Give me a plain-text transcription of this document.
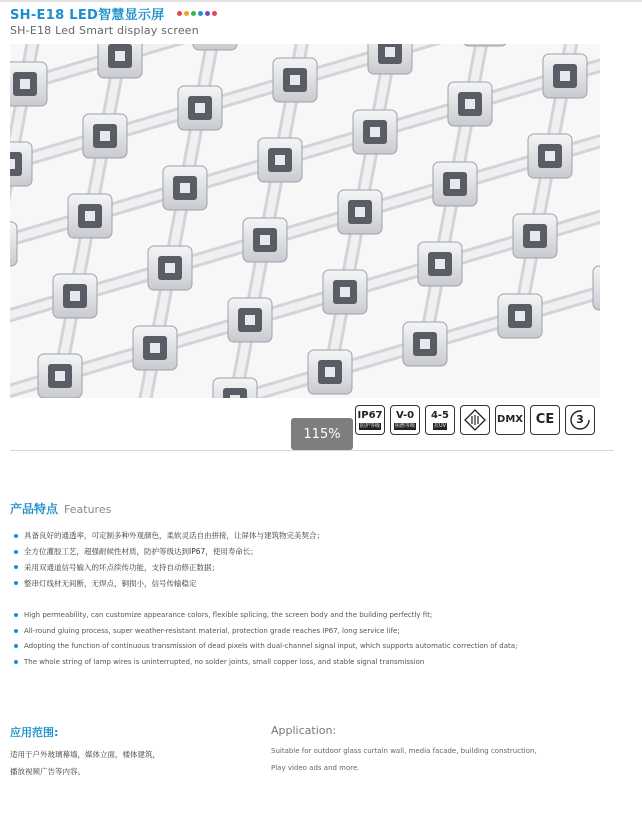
SH-E18 LED智慧显示屏
SH-E18 Led Smart display screen
115%
IP67
防护等级
V-0
阻燃等级
4-5
抗UV
DMX CE 3
产品特点 Features
具备良好的通透率，可定制多种外观颜色，柔软灵活自由拼接，让屏体与建筑物完美契合；
全方位灌胶工艺，超强耐候性材质，防护等级达到IP67，使用寿命长；
采用双通道信号输入的坏点续传功能，支持自动修正数据；
整串灯线材无间断，无焊点，铜损小，信号传输稳定
High permeability, can customize appearance colors, flexible splicing, the screen body and the building perfectly fit;
All-round gluing process, super weather-resistant material, protection grade reaches IP67, long service life;
Adopting the function of continuous transmission of dead pixels with dual-channel signal input, which supports automatic correction of data;
The whole string of lamp wires is uninterrupted, no solder joints, small copper loss, and stable signal transmission
应用范围:
适用于户外玻璃幕墙，媒体立面，楼体建筑，
播放视频广告等内容。
Application:
Suitable for outdoor glass curtain wall, media facade, building construction,
Play video ads and more.
